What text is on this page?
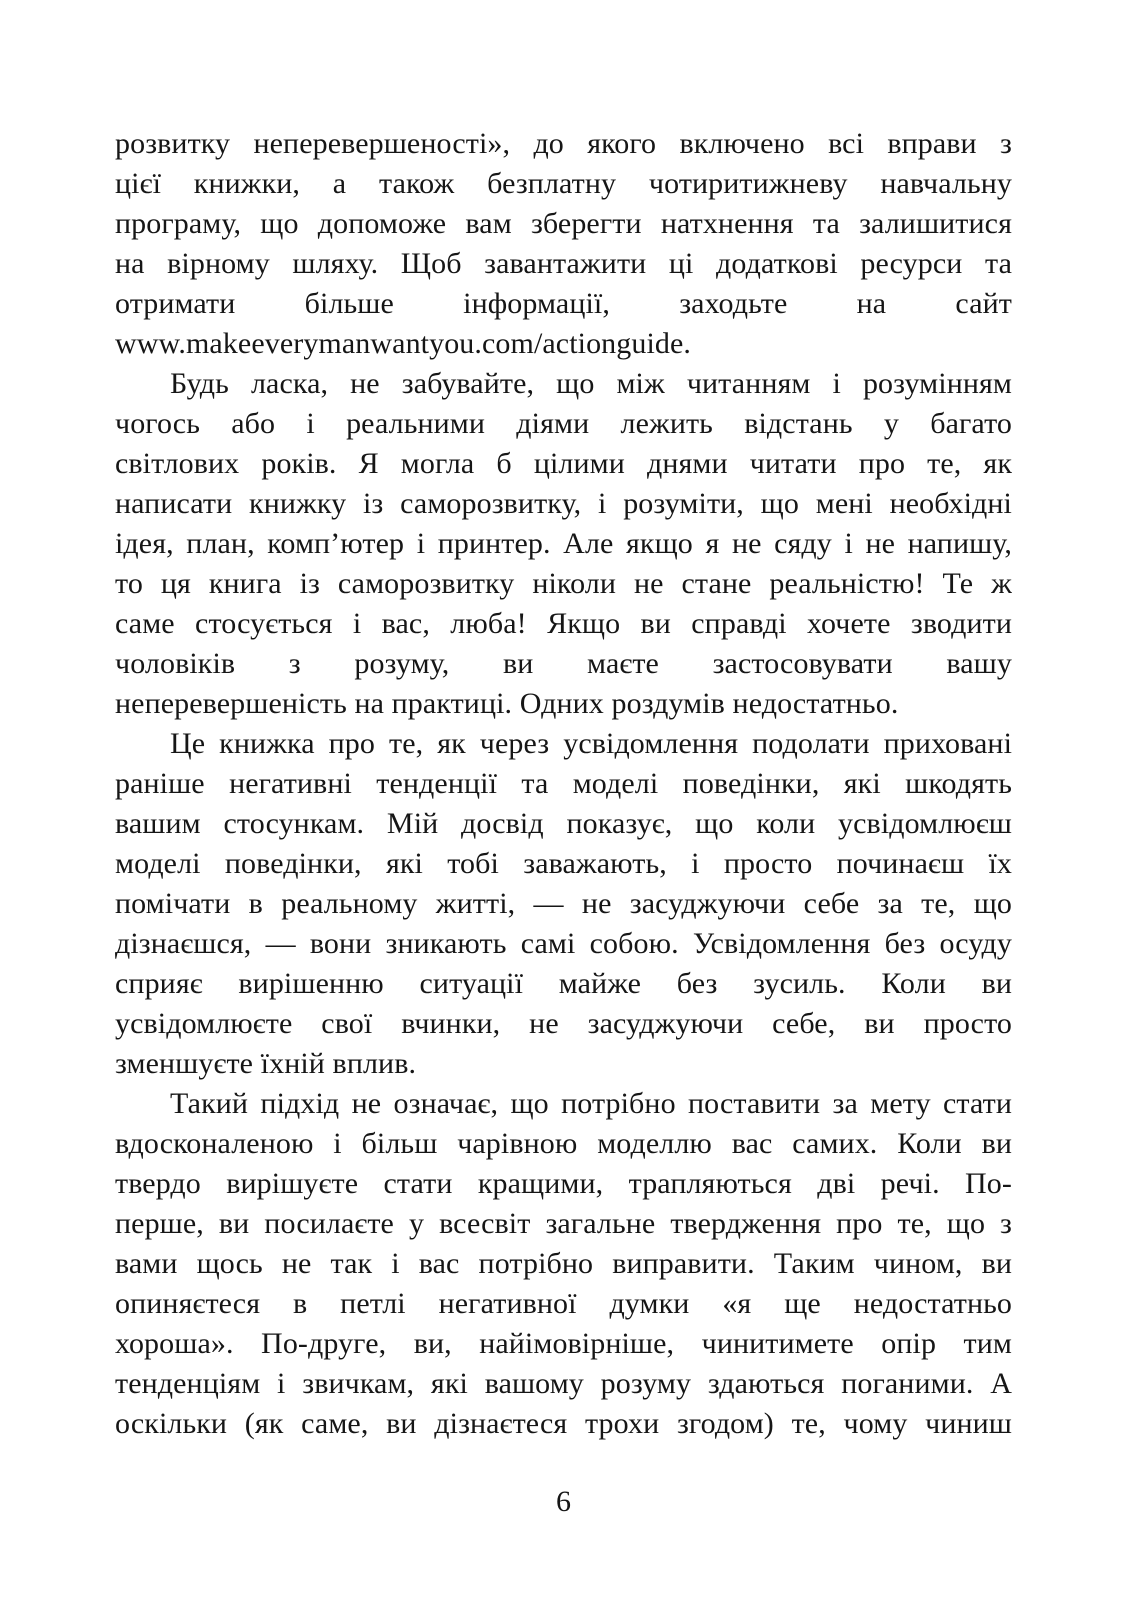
розвитку неперевершеності», до якого включено всі вправи з
цієї книжки, а також безплатну чотиритижневу навчальну
програму, що допоможе вам зберегти натхнення та залишитися
на вірному шляху. Щоб завантажити ці додаткові ресурси та
отримати більше інформації, заходьте на сайт
www.makeeverymanwantyou.com/actionguide.
Будь ласка, не забувайте, що між читанням і розумінням
чогось або і реальними діями лежить відстань у багато
світлових років. Я могла б цілими днями читати про те, як
написати книжку із саморозвитку, і розуміти, що мені необхідні
ідея, план, комп’ютер і принтер. Але якщо я не сяду і не напишу,
то ця книга із саморозвитку ніколи не стане реальністю! Те ж
саме стосується і вас, люба! Якщо ви справді хочете зводити
чоловіків з розуму, ви маєте застосовувати вашу
неперевершеність на практиці. Одних роздумів недостатньо.
Це книжка про те, як через усвідомлення подолати приховані
раніше негативні тенденції та моделі поведінки, які шкодять
вашим стосункам. Мій досвід показує, що коли усвідомлюєш
моделі поведінки, які тобі заважають, і просто починаєш їх
помічати в реальному житті, — не засуджуючи себе за те, що
дізнаєшся, — вони зникають самі собою. Усвідомлення без осуду
сприяє вирішенню ситуації майже без зусиль. Коли ви
усвідомлюєте свої вчинки, не засуджуючи себе, ви просто
зменшуєте їхній вплив.
Такий підхід не означає, що потрібно поставити за мету стати
вдосконаленою і більш чарівною моделлю вас самих. Коли ви
твердо вирішуєте стати кращими, трапляються дві речі. По-
перше, ви посилаєте у всесвіт загальне твердження про те, що з
вами щось не так і вас потрібно виправити. Таким чином, ви
опиняєтеся в петлі негативної думки «я ще недостатньо
хороша». По-друге, ви, найімовірніше, чинитимете опір тим
тенденціям і звичкам, які вашому розуму здаються поганими. А
оскільки (як саме, ви дізнаєтеся трохи згодом) те, чому чиниш
6
